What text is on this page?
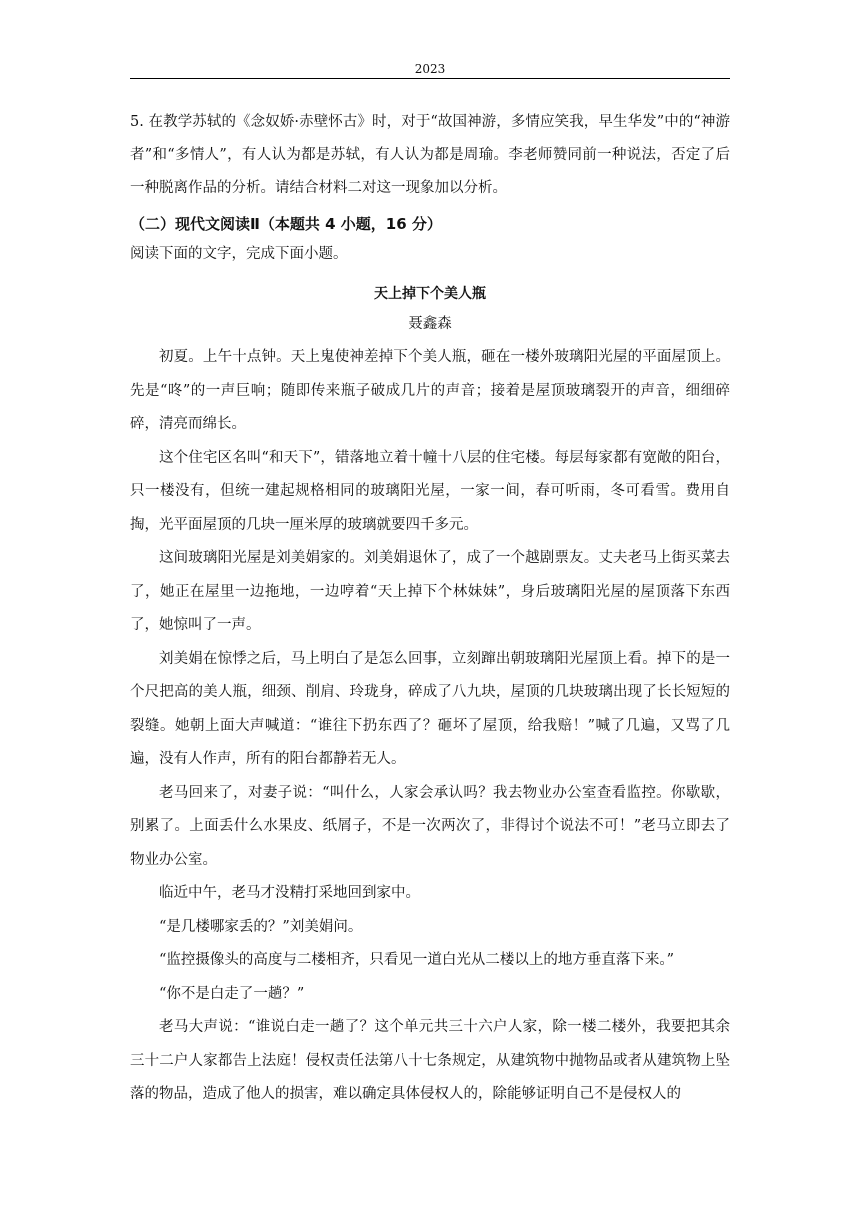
2023

5. 在教学苏轼的《念奴娇·赤壁怀古》时，对于“故国神游，多情应笑我，早生华发”中的“神游者”和“多情人”，有人认为都是苏轼，有人认为都是周瑜。李老师赞同前一种说法，否定了后一种脱离作品的分析。请结合材料二对这一现象加以分析。

（二）现代文阅读Ⅱ（本题共 4 小题，16 分）

阅读下面的文字，完成下面小题。

天上掉下个美人瓶

聂鑫森

初夏。上午十点钟。天上鬼使神差掉下个美人瓶，砸在一楼外玻璃阳光屋的平面屋顶上。先是“咚”的一声巨响；随即传来瓶子破成几片的声音；接着是屋顶玻璃裂开的声音，细细碎碎，清亮而绵长。

这个住宅区名叫“和天下”，错落地立着十幢十八层的住宅楼。每层每家都有宽敞的阳台，只一楼没有，但统一建起规格相同的玻璃阳光屋，一家一间，春可听雨，冬可看雪。费用自掏，光平面屋顶的几块一厘米厚的玻璃就要四千多元。

这间玻璃阳光屋是刘美娟家的。刘美娟退休了，成了一个越剧票友。丈夫老马上街买菜去了，她正在屋里一边拖地，一边哼着“天上掉下个林妹妹”，身后玻璃阳光屋的屋顶落下东西了，她惊叫了一声。

刘美娟在惊悸之后，马上明白了是怎么回事，立刻蹿出朝玻璃阳光屋顶上看。掉下的是一个尺把高的美人瓶，细颈、削肩、玲珑身，碎成了八九块，屋顶的几块玻璃出现了长长短短的裂缝。她朝上面大声喊道：“谁往下扔东西了？砸坏了屋顶，给我赔！”喊了几遍，又骂了几遍，没有人作声，所有的阳台都静若无人。

老马回来了，对妻子说：“叫什么，人家会承认吗？我去物业办公室查看监控。你歇歇，别累了。上面丢什么水果皮、纸屑子，不是一次两次了，非得讨个说法不可！”老马立即去了物业办公室。

临近中午，老马才没精打采地回到家中。

“是几楼哪家丢的？”刘美娟问。

“监控摄像头的高度与二楼相齐，只看见一道白光从二楼以上的地方垂直落下来。”

“你不是白走了一趟？”

老马大声说：“谁说白走一趟了？这个单元共三十六户人家，除一楼二楼外，我要把其余三十二户人家都告上法庭！侵权责任法第八十七条规定，从建筑物中抛物品或者从建筑物上坠落的物品，造成了他人的损害，难以确定具体侵权人的，除能够证明自己不是侵权人的
